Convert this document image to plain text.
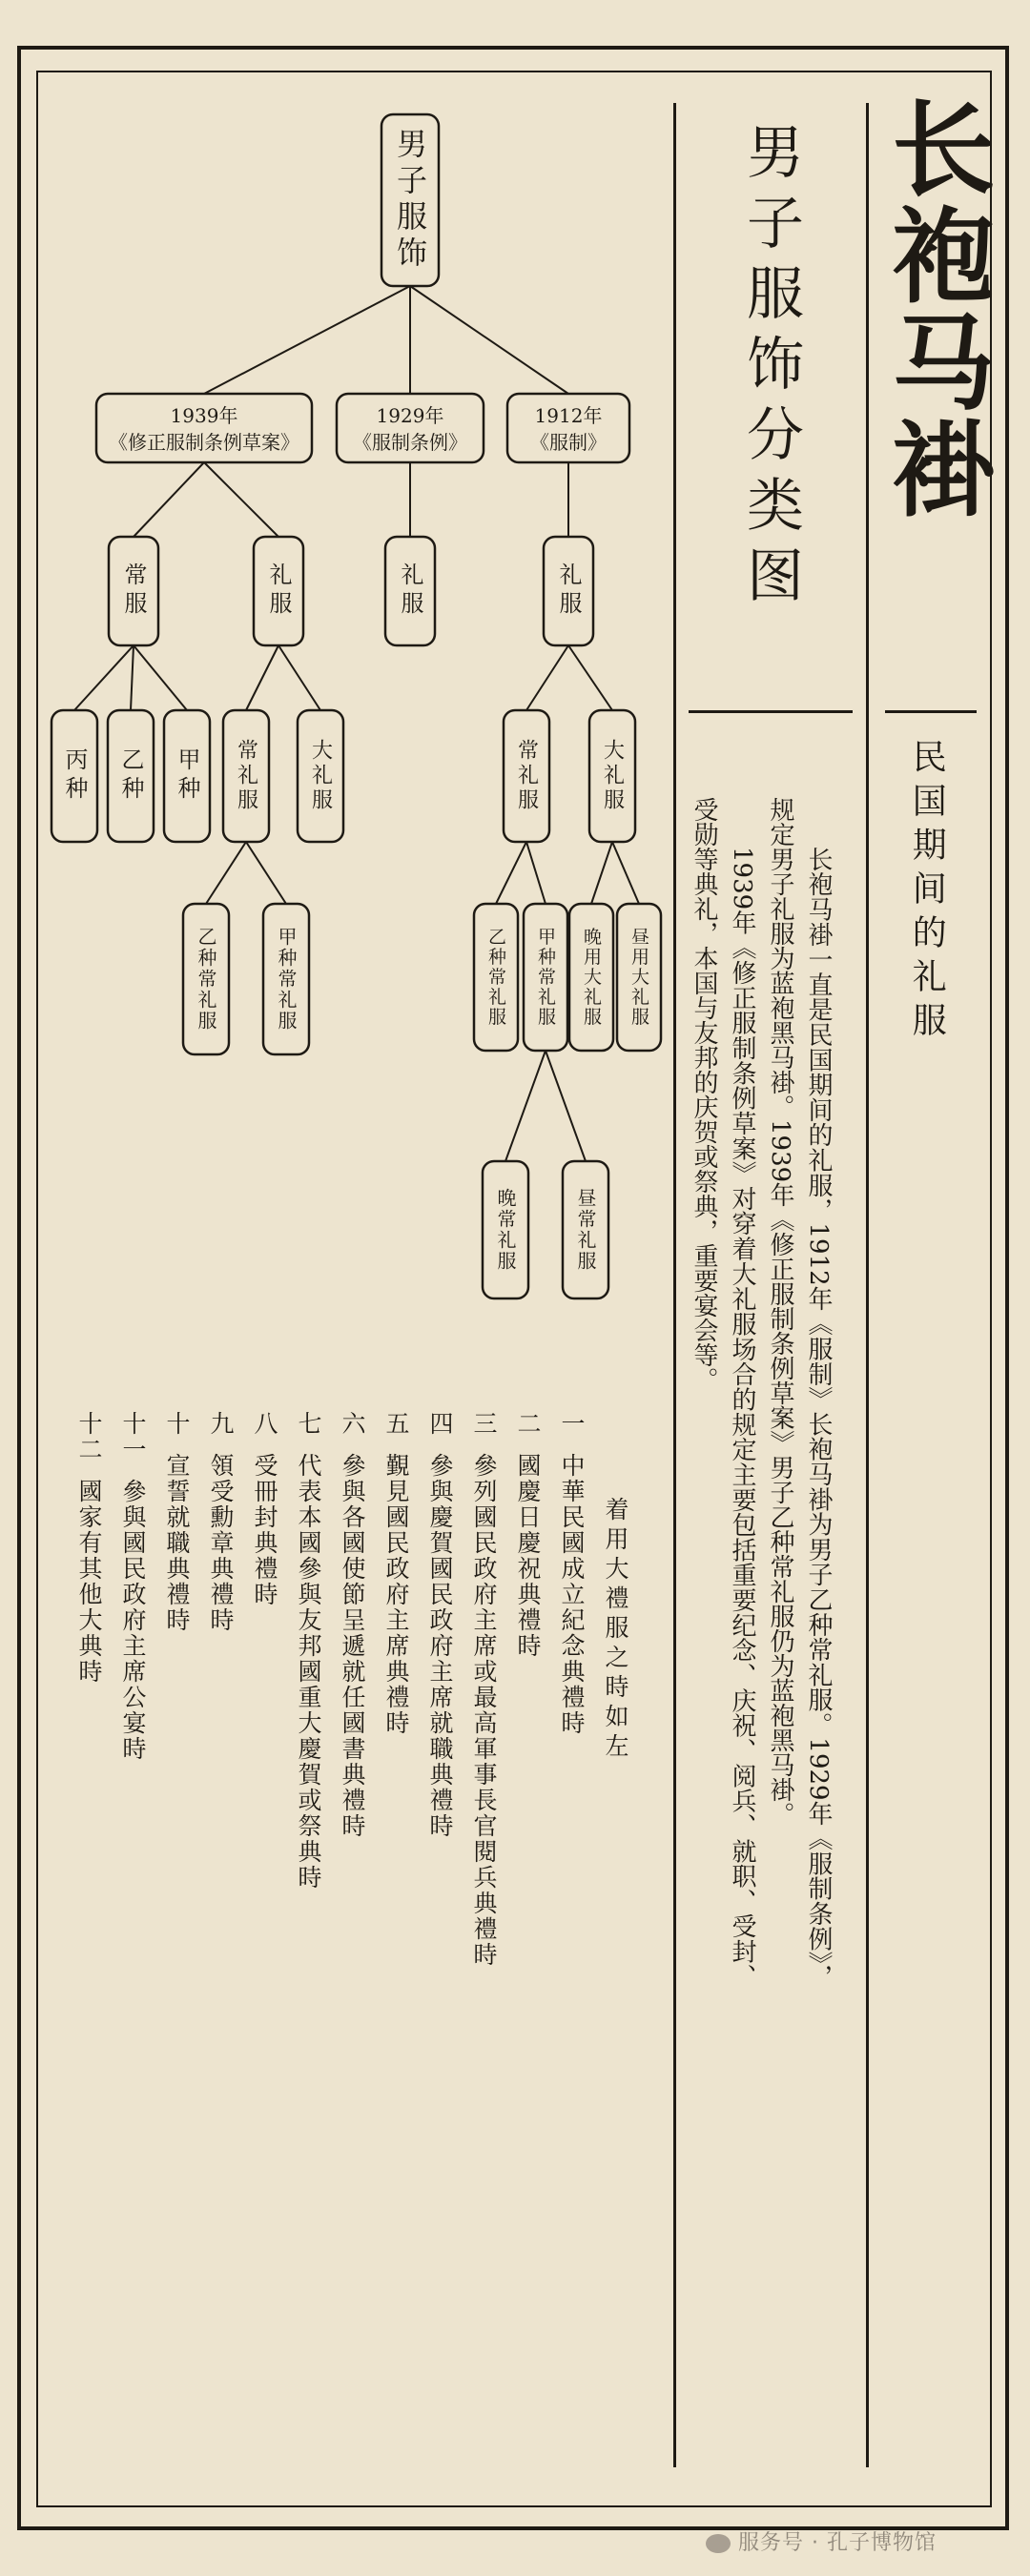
长袍马褂
民国期间的礼服
男子服饰分类图

长袍马褂一直是民国期间的礼服，1912年《服制》长袍马褂为男子乙种常礼服。1929年《服制条例》，规定男子礼服为蓝袍黑马褂。1939年《修正服制条例草案》男子乙种常礼服仍为蓝袍黑马褂。

1939年《修正服制条例草案》对穿着大礼服场合的规定主要包括重要纪念、庆祝、阅兵、就职、受封、受勋等典礼，本国与友邦的庆贺或祭典，重要宴会等。

男子服饰
1939年
《修正服制条例草案》
1929年
《服制条例》
1912年
《服制》
常服	礼服	礼服	礼服
丙种 乙种 甲种 常礼服 大礼服	常礼服	大礼服
乙种常礼服	甲种常礼服	乙种常礼服 甲种常礼服 晚用大礼服 昼用大礼服
晚常礼服	昼常礼服
着用大禮服之時如左
一 中華民國成立紀念典禮時
二 國慶日慶祝典禮時
三 參列國民政府主席或最高軍事長官閱兵典禮時
四 參與慶賀國民政府主席就職典禮時
五 覲見國民政府主席典禮時
六 參與各國使節呈遞就任國書典禮時
七 代表本國參與友邦國重大慶賀或祭典時
八 受冊封典禮時
九 領受勳章典禮時
十 宣誓就職典禮時
十一 參與國民政府主席公宴時
十二 國家有其他大典時
服务号 · 孔子博物馆
